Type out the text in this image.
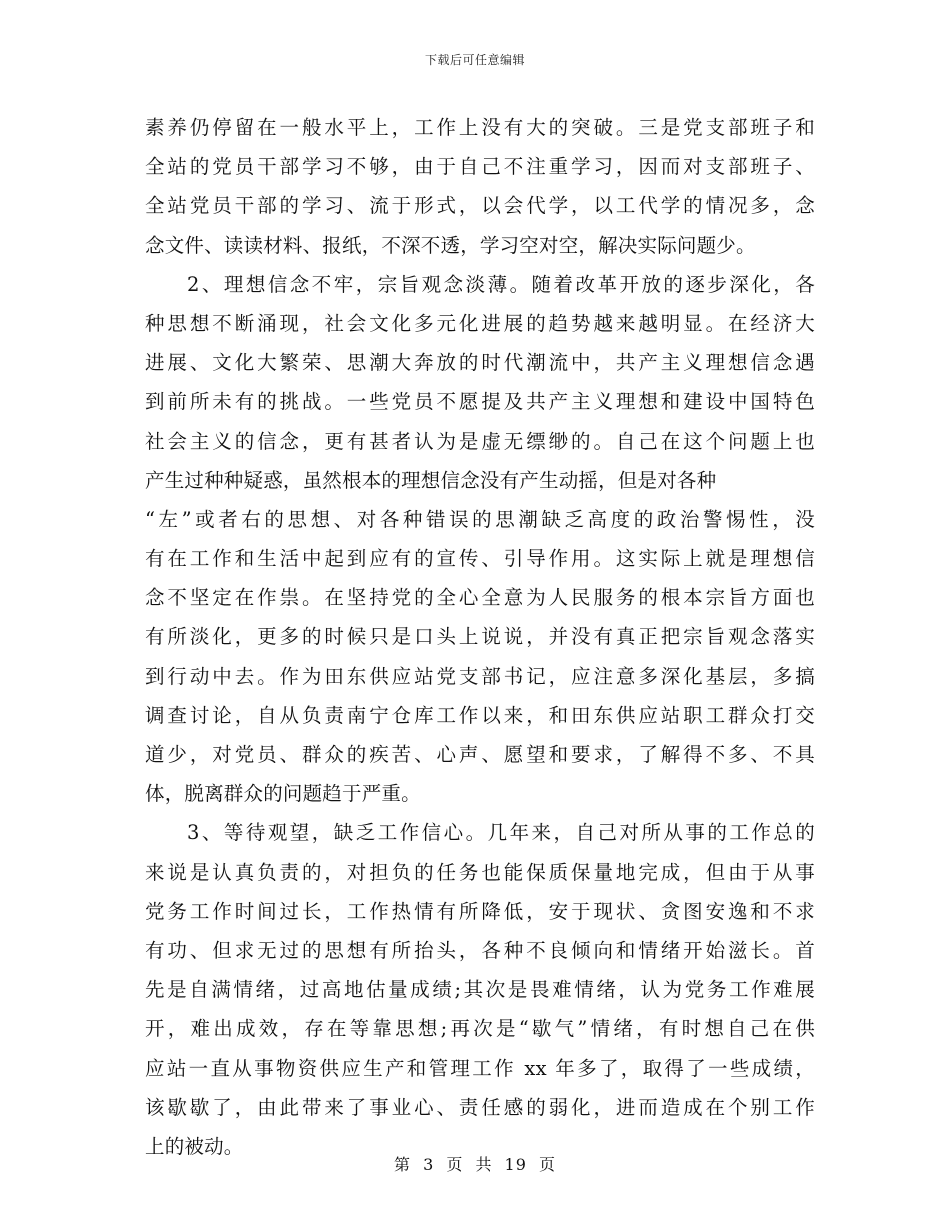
下载后可任意编辑
素养仍停留在一般水平上，工作上没有大的突破。三是党支部班子和
全站的党员干部学习不够，由于自己不注重学习，因而对支部班子、
全站党员干部的学习、流于形式，以会代学，以工代学的情况多，念
念文件、读读材料、报纸，不深不透，学习空对空，解决实际问题少。
2、理想信念不牢，宗旨观念淡薄。随着改革开放的逐步深化，各
种思想不断涌现，社会文化多元化进展的趋势越来越明显。在经济大
进展、文化大繁荣、思潮大奔放的时代潮流中，共产主义理想信念遇
到前所未有的挑战。一些党员不愿提及共产主义理想和建设中国特色
社会主义的信念，更有甚者认为是虚无缥缈的。自己在这个问题上也
产生过种种疑惑，虽然根本的理想信念没有产生动摇，但是对各种
“左”或者右的思想、对各种错误的思潮缺乏高度的政治警惕性，没
有在工作和生活中起到应有的宣传、引导作用。这实际上就是理想信
念不坚定在作祟。在坚持党的全心全意为人民服务的根本宗旨方面也
有所淡化，更多的时候只是口头上说说，并没有真正把宗旨观念落实
到行动中去。作为田东供应站党支部书记，应注意多深化基层，多搞
调查讨论，自从负责南宁仓库工作以来，和田东供应站职工群众打交
道少，对党员、群众的疾苦、心声、愿望和要求，了解得不多、不具
体，脱离群众的问题趋于严重。
3、等待观望，缺乏工作信心。几年来，自己对所从事的工作总的
来说是认真负责的，对担负的任务也能保质保量地完成，但由于从事
党务工作时间过长，工作热情有所降低，安于现状、贪图安逸和不求
有功、但求无过的思想有所抬头，各种不良倾向和情绪开始滋长。首
先是自满情绪，过高地估量成绩;其次是畏难情绪，认为党务工作难展
开，难出成效，存在等靠思想;再次是“歇气”情绪，有时想自己在供
应站一直从事物资供应生产和管理工作 xx 年多了，取得了一些成绩，
该歇歇了，由此带来了事业心、责任感的弱化，进而造成在个别工作
上的被动。
第 3 页 共 19 页
